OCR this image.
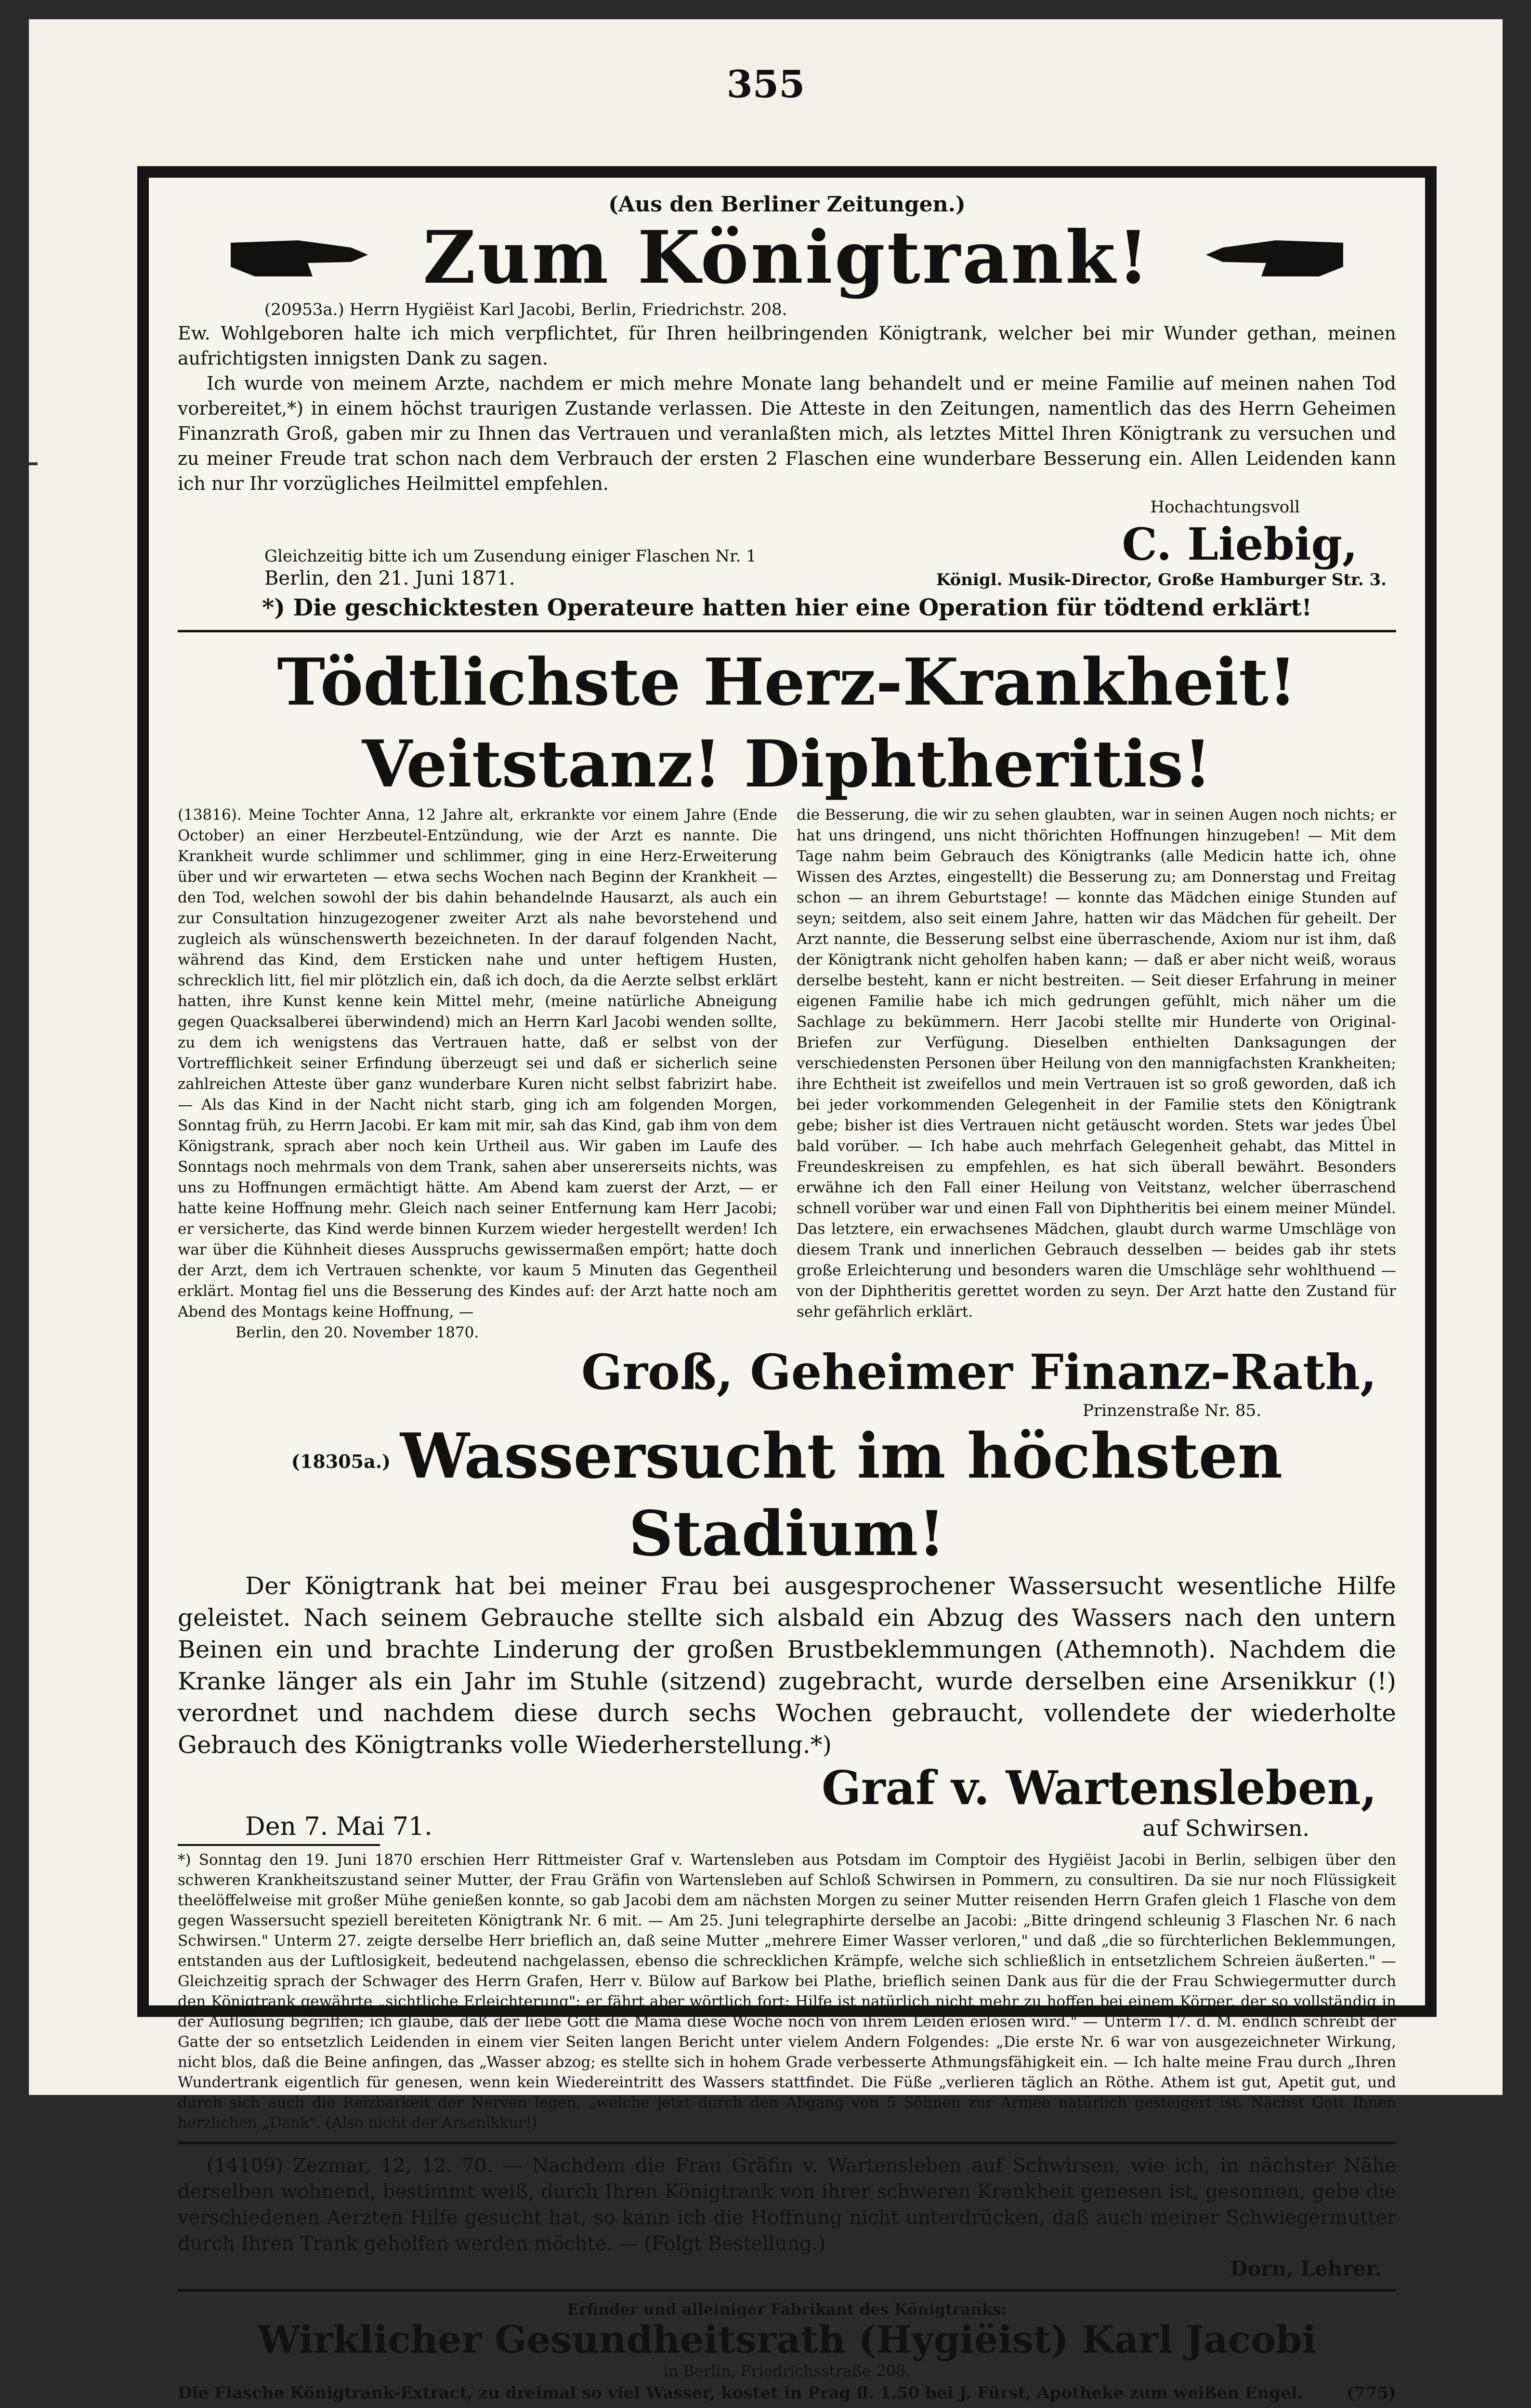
355
(Aus den Berliner Zeitungen.)
Zum Königtrank!
(20953a.) Herrn Hygiëist Karl Jacobi, Berlin, Friedrichstr. 208.

Ew. Wohlgeboren halte ich mich verpflichtet, für Ihren heilbringenden Königtrank, welcher bei mir Wunder gethan, meinen aufrichtigsten innigsten Dank zu sagen.

Ich wurde von meinem Arzte, nachdem er mich mehre Monate lang behandelt und er meine Familie auf meinen nahen Tod vorbereitet,*) in einem höchst traurigen Zustande verlassen. Die Atteste in den Zeitungen, namentlich das des Herrn Geheimen Finanzrath Groß, gaben mir zu Ihnen das Vertrauen und veranlaßten mich, als letztes Mittel Ihren Königtrank zu versuchen und zu meiner Freude trat schon nach dem Verbrauch der ersten 2 Flaschen eine wunderbare Besserung ein. Allen Leidenden kann ich nur Ihr vorzügliches Heilmittel empfehlen.

Gleichzeitig bitte ich um Zusendung einiger Flaschen Nr. 1
Berlin, den 21. Juni 1871.
Hochachtungsvoll
C. Liebig,
Königl. Musik-Director, Große Hamburger Str. 3.
*) Die geschicktesten Operateure hatten hier eine Operation für tödtend erklärt!
Tödtlichste Herz-Krankheit! Veitstanz! Diphtheritis!
(13816). Meine Tochter Anna, 12 Jahre alt, erkrankte vor einem Jahre (Ende October) an einer Herzbeutel-Entzündung, wie der Arzt es nannte. Die Krankheit wurde schlimmer und schlimmer, ging in eine Herz-Erweiterung über und wir erwarteten — etwa sechs Wochen nach Beginn der Krankheit — den Tod, welchen sowohl der bis dahin behandelnde Hausarzt, als auch ein zur Consultation hinzugezogener zweiter Arzt als nahe bevorstehend und zugleich als wünschenswerth bezeichneten. In der darauf folgenden Nacht, während das Kind, dem Ersticken nahe und unter heftigem Husten, schrecklich litt, fiel mir plötzlich ein, daß ich doch, da die Aerzte selbst erklärt hatten, ihre Kunst kenne kein Mittel mehr, (meine natürliche Abneigung gegen Quacksalberei überwindend) mich an Herrn Karl Jacobi wenden sollte, zu dem ich wenigstens das Vertrauen hatte, daß er selbst von der Vortrefflichkeit seiner Erfindung überzeugt sei und daß er sicherlich seine zahlreichen Atteste über ganz wunderbare Kuren nicht selbst fabrizirt habe. — Als das Kind in der Nacht nicht starb, ging ich am folgenden Morgen, Sonntag früh, zu Herrn Jacobi. Er kam mit mir, sah das Kind, gab ihm von dem Königstrank, sprach aber noch kein Urtheil aus. Wir gaben im Laufe des Sonntags noch mehrmals von dem Trank, sahen aber unsererseits nichts, was uns zu Hoffnungen ermächtigt hätte. Am Abend kam zuerst der Arzt, — er hatte keine Hoffnung mehr. Gleich nach seiner Entfernung kam Herr Jacobi; er versicherte, das Kind werde binnen Kurzem wieder hergestellt werden! Ich war über die Kühnheit dieses Ausspruchs gewissermaßen empört; hatte doch der Arzt, dem ich Vertrauen schenkte, vor kaum 5 Minuten das Gegentheil erklärt. Montag fiel uns die Besserung des Kindes auf: der Arzt hatte noch am Abend des Montags keine Hoffnung, —
Berlin, den 20. November 1870.
die Besserung, die wir zu sehen glaubten, war in seinen Augen noch nichts; er hat uns dringend, uns nicht thörichten Hoffnungen hinzugeben! — Mit dem Tage nahm beim Gebrauch des Königtranks (alle Medicin hatte ich, ohne Wissen des Arztes, eingestellt) die Besserung zu; am Donnerstag und Freitag schon — an ihrem Geburtstage! — konnte das Mädchen einige Stunden auf seyn; seitdem, also seit einem Jahre, hatten wir das Mädchen für geheilt. Der Arzt nannte, die Besserung selbst eine überraschende, Axiom nur ist ihm, daß der Königtrank nicht geholfen haben kann; — daß er aber nicht weiß, woraus derselbe besteht, kann er nicht bestreiten. — Seit dieser Erfahrung in meiner eigenen Familie habe ich mich gedrungen gefühlt, mich näher um die Sachlage zu bekümmern. Herr Jacobi stellte mir Hunderte von Original-Briefen zur Verfügung. Dieselben enthielten Danksagungen der verschiedensten Personen über Heilung von den mannigfachsten Krankheiten; ihre Echtheit ist zweifellos und mein Vertrauen ist so groß geworden, daß ich bei jeder vorkommenden Gelegenheit in der Familie stets den Königtrank gebe; bisher ist dies Vertrauen nicht getäuscht worden. Stets war jedes Übel bald vorüber. — Ich habe auch mehrfach Gelegenheit gehabt, das Mittel in Freundeskreisen zu empfehlen, es hat sich überall bewährt. Besonders erwähne ich den Fall einer Heilung von Veitstanz, welcher überraschend schnell vorüber war und einen Fall von Diphtheritis bei einem meiner Mündel. Das letztere, ein erwachsenes Mädchen, glaubt durch warme Umschläge von diesem Trank und innerlichen Gebrauch desselben — beides gab ihr stets große Erleichterung und besonders waren die Umschläge sehr wohlthuend — von der Diphtheritis gerettet worden zu seyn. Der Arzt hatte den Zustand für sehr gefährlich erklärt.
Groß, Geheimer Finanz-Rath,
Prinzenstraße Nr. 85.
(18305a.) Wassersucht im höchsten Stadium!

Der Königtrank hat bei meiner Frau bei ausgesprochener Wassersucht wesentliche Hilfe geleistet. Nach seinem Gebrauche stellte sich alsbald ein Abzug des Wassers nach den untern Beinen ein und brachte Linderung der großen Brustbeklemmungen (Athemnoth). Nachdem die Kranke länger als ein Jahr im Stuhle (sitzend) zugebracht, wurde derselben eine Arsenikkur (!) verordnet und nachdem diese durch sechs Wochen gebraucht, vollendete der wiederholte Gebrauch des Königtranks volle Wiederherstellung.*)

Den 7. Mai 71.
Graf v. Wartensleben,
auf Schwirsen.
*) Sonntag den 19. Juni 1870 erschien Herr Rittmeister Graf v. Wartensleben aus Potsdam im Comptoir des Hygiëist Jacobi in Berlin, selbigen über den schweren Krankheitszustand seiner Mutter, der Frau Gräfin von Wartensleben auf Schloß Schwirsen in Pommern, zu consultiren. Da sie nur noch Flüssigkeit theelöffelweise mit großer Mühe genießen konnte, so gab Jacobi dem am nächsten Morgen zu seiner Mutter reisenden Herrn Grafen gleich 1 Flasche von dem gegen Wassersucht speziell bereiteten Königtrank Nr. 6 mit. — Am 25. Juni telegraphirte derselbe an Jacobi: „Bitte dringend schleunig 3 Flaschen Nr. 6 nach Schwirsen." Unterm 27. zeigte derselbe Herr brieflich an, daß seine Mutter „mehrere Eimer Wasser verloren," und daß „die so fürchterlichen Beklemmungen, entstanden aus der Luftlosigkeit, bedeutend nachgelassen, ebenso die schrecklichen Krämpfe, welche sich schließlich in entsetzlichem Schreien äußerten." — Gleichzeitig sprach der Schwager des Herrn Grafen, Herr v. Bülow auf Barkow bei Plathe, brieflich seinen Dank aus für die der Frau Schwiegermutter durch den Königtrank gewährte „sichtliche Erleichterung"; er fährt aber wörtlich fort: Hilfe ist natürlich nicht mehr zu hoffen bei einem Körper, der so vollständig in der Auflösung begriffen; ich glaube, daß der liebe Gott die Mama diese Woche noch von ihrem Leiden erlösen wird." — Unterm 17. d. M. endlich schreibt der Gatte der so entsetzlich Leidenden in einem vier Seiten langen Bericht unter vielem Andern Folgendes: „Die erste Nr. 6 war von ausgezeichneter Wirkung, nicht blos, daß die Beine anfingen, das „Wasser abzog; es stellte sich in hohem Grade verbesserte Athmungsfähigkeit ein. — Ich halte meine Frau durch „Ihren Wundertrank eigentlich für genesen, wenn kein Wiedereintritt des Wassers stattfindet. Die Füße „verlieren täglich an Röthe. Athem ist gut, Apetit gut, und durch sich auch die Reizbarkeit der Nerven legen, „welche jetzt durch den Abgang von 5 Söhnen zur Armee natürlich gesteigert ist. Nächst Gott Ihnen herzlichen „Dank". (Also nicht der Arsenikkur!)
(14109) Zezmar, 12, 12. 70. — Nachdem die Frau Gräfin v. Wartensleben auf Schwirsen, wie ich, in nächster Nähe derselben wohnend, bestimmt weiß, durch Ihren Königtrank von ihrer schweren Krankheit genesen ist, gesonnen, gebe die verschiedenen Aerzten Hilfe gesucht hat, so kann ich die Hoffnung nicht unterdrücken, daß auch meiner Schwiegermutter durch Ihren Trank geholfen werden möchte. — (Folgt Bestellung.)
Dorn, Lehrer.
Erfinder und alleiniger Fabrikant des Königtranks:
Wirklicher Gesundheitsrath (Hygiëist) Karl Jacobi
in Berlin, Friedrichsstraße 208.
Die Flasche Königtrank-Extract, zu dreimal so viel Wasser, kostet in Prag fl. 1.50 bei J. Fürst, Apotheke zum weißen Engel.	(775)
